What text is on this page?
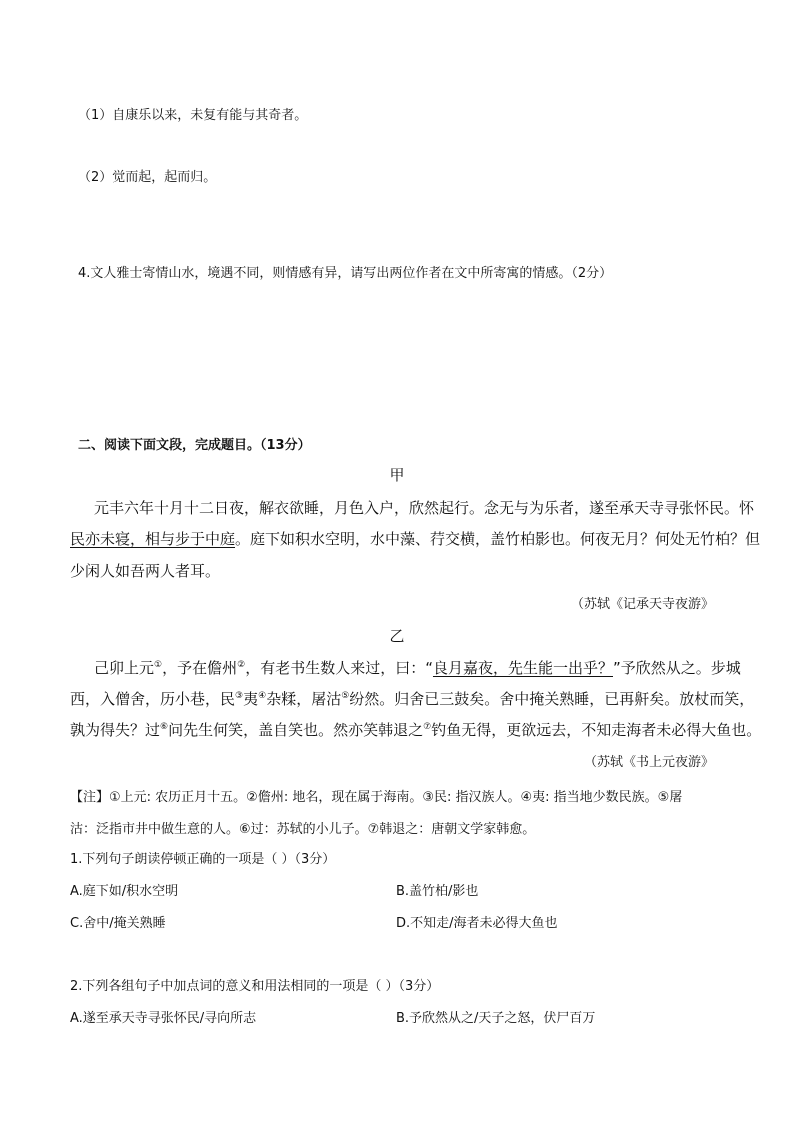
（1）自康乐以来，未复有能与其奇者。
（2）觉而起，起而归。
4.文人雅士寄情山水，境遇不同，则情感有异，请写出两位作者在文中所寄寓的情感。（2分）
二、阅读下面文段，完成题目。（13分）
甲
元丰六年十月十二日夜，解衣欲睡，月色入户，欣然起行。念无与为乐者，遂至承天寺寻张怀民。怀
民亦未寝，相与步于中庭。庭下如积水空明，水中藻、荇交横，盖竹柏影也。何夜无月？何处无竹柏？但
少闲人如吾两人者耳。
（苏轼《记承天寺夜游》
乙
己卯上元①，予在儋州②，有老书生数人来过，曰：“良月嘉夜，先生能一出乎？”予欣然从之。步城
西，入僧舍，历小巷，民③夷④杂糅，屠沽⑤纷然。归舍已三鼓矣。舍中掩关熟睡，已再鼾矣。放杖而笑，
孰为得失？过⑥问先生何笑，盖自笑也。然亦笑韩退之⑦钓鱼无得，更欲远去，不知走海者未必得大鱼也。
（苏轼《书上元夜游》
【注】①上元: 农历正月十五。②儋州: 地名，现在属于海南。③民: 指汉族人。④夷: 指当地少数民族。⑤屠
沽：泛指市井中做生意的人。⑥过：苏轼的小儿子。⑦韩退之：唐朝文学家韩愈。
1.下列句子朗读停顿正确的一项是（ ）（3分）
A.庭下如/积水空明	B.盖竹柏/影也
C.舍中/掩关熟睡	D.不知走/海者未必得大鱼也
2.下列各组句子中加点词的意义和用法相同的一项是（ ）（3分）
A.遂至承天寺寻张怀民/寻向所志	B.予欣然从之/天子之怒，伏尸百万
